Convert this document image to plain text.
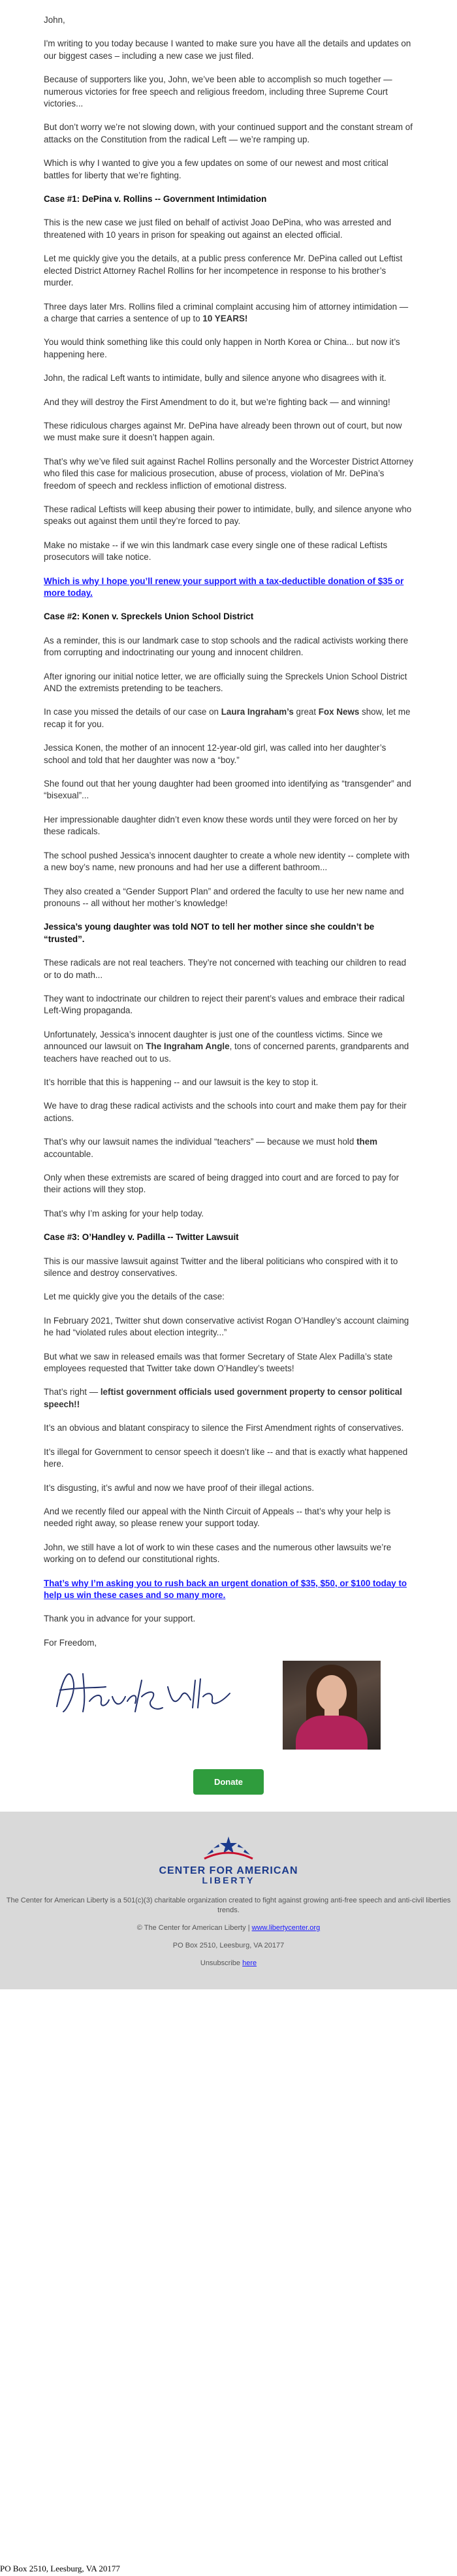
John,

I'm writing to you today because I wanted to make sure you have all the details and updates on our biggest cases – including a new case we just filed.

Because of supporters like you, John, we’ve been able to accomplish so much together — numerous victories for free speech and religious freedom, including three Supreme Court victories...

But don’t worry we’re not slowing down, with your continued support and the constant stream of attacks on the Constitution from the radical Left — we’re ramping up.

Which is why I wanted to give you a few updates on some of our newest and most critical battles for liberty that we’re fighting.

Case #1: DePina v. Rollins -- Government Intimidation

This is the new case we just filed on behalf of activist Joao DePina, who was arrested and threatened with 10 years in prison for speaking out against an elected official.

Let me quickly give you the details, at a public press conference Mr. DePina called out Leftist elected District Attorney Rachel Rollins for her incompetence in response to his brother’s murder.

Three days later Mrs. Rollins filed a criminal complaint accusing him of attorney intimidation — a charge that carries a sentence of up to 10 YEARS!

You would think something like this could only happen in North Korea or China... but now it’s happening here.

John, the radical Left wants to intimidate, bully and silence anyone who disagrees with it.

And they will destroy the First Amendment to do it, but we’re fighting back — and winning!

These ridiculous charges against Mr. DePina have already been thrown out of court, but now we must make sure it doesn’t happen again.

That’s why we’ve filed suit against Rachel Rollins personally and the Worcester District Attorney who filed this case for malicious prosecution, abuse of process, violation of Mr. DePina’s freedom of speech and reckless infliction of emotional distress.

These radical Leftists will keep abusing their power to intimidate, bully, and silence anyone who speaks out against them until they’re forced to pay.

Make no mistake -- if we win this landmark case every single one of these radical Leftists prosecutors will take notice.

Which is why I hope you’ll renew your support with a tax-deductible donation of $35 or more today.

Case #2: Konen v. Spreckels Union School District

As a reminder, this is our landmark case to stop schools and the radical activists working there from corrupting and indoctrinating our young and innocent children.

After ignoring our initial notice letter, we are officially suing the Spreckels Union School District AND the extremists pretending to be teachers.

In case you missed the details of our case on Laura Ingraham’s great Fox News show, let me recap it for you.

Jessica Konen, the mother of an innocent 12-year-old girl, was called into her daughter’s school and told that her daughter was now a “boy.”

She found out that her young daughter had been groomed into identifying as “transgender” and “bisexual”...

Her impressionable daughter didn’t even know these words until they were forced on her by these radicals.

The school pushed Jessica’s innocent daughter to create a whole new identity -- complete with a new boy’s name, new pronouns and had her use a different bathroom...

They also created a “Gender Support Plan” and ordered the faculty to use her new name and pronouns -- all without her mother’s knowledge!

Jessica’s young daughter was told NOT to tell her mother since she couldn’t be “trusted”.

These radicals are not real teachers. They’re not concerned with teaching our children to read or to do math...

They want to indoctrinate our children to reject their parent’s values and embrace their radical Left-Wing propaganda.

Unfortunately, Jessica’s innocent daughter is just one of the countless victims. Since we announced our lawsuit on The Ingraham Angle, tons of concerned parents, grandparents and teachers have reached out to us.

It’s horrible that this is happening -- and our lawsuit is the key to stop it.

We have to drag these radical activists and the schools into court and make them pay for their actions.

That’s why our lawsuit names the individual “teachers” — because we must hold them accountable.

Only when these extremists are scared of being dragged into court and are forced to pay for their actions will they stop.

That’s why I’m asking for your help today.

Case #3: O’Handley v. Padilla -- Twitter Lawsuit

This is our massive lawsuit against Twitter and the liberal politicians who conspired with it to silence and destroy conservatives.

Let me quickly give you the details of the case:

In February 2021, Twitter shut down conservative activist Rogan O’Handley’s account claiming he had “violated rules about election integrity...”

But what we saw in released emails was that former Secretary of State Alex Padilla’s state employees requested that Twitter take down O’Handley’s tweets!

That’s right — leftist government officials used government property to censor political speech!!

It’s an obvious and blatant conspiracy to silence the First Amendment rights of conservatives.

It’s illegal for Government to censor speech it doesn’t like -- and that is exactly what happened here.

It’s disgusting, it’s awful and now we have proof of their illegal actions.

And we recently filed our appeal with the Ninth Circuit of Appeals -- that’s why your help is needed right away, so please renew your support today.

John, we still have a lot of work to win these cases and the numerous other lawsuits we’re working on to defend our constitutional rights.

That’s why I’m asking you to rush back an urgent donation of $35, $50, or $100 today to help us win these cases and so many more.

Thank you in advance for your support.

For Freedom,

Donate
CENTER FOR AMERICAN
LIBERTY

The Center for American Liberty is a 501(c)(3) charitable organization created to fight against growing anti-free speech and anti-civil liberties trends.

© The Center for American Liberty | www.libertycenter.org

PO Box 2510, Leesburg, VA 20177

Unsubscribe here

PO Box 2510, Leesburg, VA 20177
